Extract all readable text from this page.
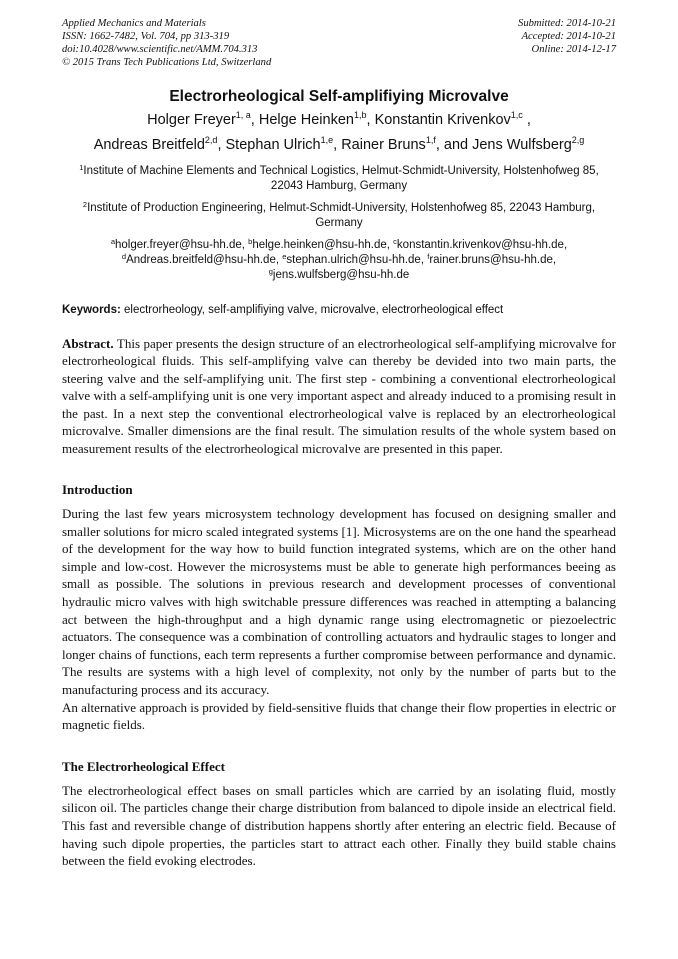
Applied Mechanics and Materials
ISSN: 1662-7482, Vol. 704, pp 313-319
doi:10.4028/www.scientific.net/AMM.704.313
© 2015 Trans Tech Publications Ltd, Switzerland
Submitted: 2014-10-21
Accepted: 2014-10-21
Online: 2014-12-17
Electrorheological Self-amplifiying Microvalve

Holger Freyer$^{1, a}$, Helge Heinken$^{1,b}$, Konstantin Krivenkov$^{1,c}$ ,

Andreas Breitfeld$^{2,d}$, Stephan Ulrich$^{1,e}$, Rainer Bruns$^{1,f}$, and Jens Wulfsberg$^{2,g}$

$^1$Institute of Machine Elements and Technical Logistics, Helmut-Schmidt-University, Holstenhofweg 85, 22043 Hamburg, Germany

$^2$Institute of Production Engineering, Helmut-Schmidt-University, Holstenhofweg 85, 22043 Hamburg, Germany

$^a$holger.freyer@hsu-hh.de, $^b$helge.heinken@hsu-hh.de, $^c$konstantin.krivenkov@hsu-hh.de,

$^d$Andreas.breitfeld@hsu-hh.de, $^e$stephan.ulrich@hsu-hh.de, $^f$rainer.bruns@hsu-hh.de,

$^g$jens.wulfsberg@hsu-hh.de

Keywords: electrorheology, self-amplifiying valve, microvalve, electrorheological effect

Abstract. This paper presents the design structure of an electrorheological self-amplifying microvalve for electrorheological fluids. This self-amplifying valve can thereby be devided into two main parts, the steering valve and the self-amplifying unit. The first step - combining a conventional electrorheological valve with a self-amplifying unit is one very important aspect and already induced to a promising result in the past. In a next step the conventional electrorheological valve is replaced by an electrorheological microvalve. Smaller dimensions are the final result. The simulation results of the whole system based on measurement results of the electrorheological microvalve are presented in this paper.

Introduction

During the last few years microsystem technology development has focused on designing smaller and smaller solutions for micro scaled integrated systems [1]. Microsystems are on the one hand the spearhead of the development for the way how to build function integrated systems, which are on the other hand simple and low-cost. However the microsystems must be able to generate high performances beeing as small as possible. The solutions in previous research and development processes of conventional hydraulic micro valves with high switchable pressure differences was reached in attempting a balancing act between the high-throughput and a high dynamic range using electromagnetic or piezoelectric actuators. The consequence was a combination of controlling actuators and hydraulic stages to longer and longer chains of functions, each term represents a further compromise between performance and dynamic. The results are systems with a high level of complexity, not only by the number of parts but to the manufacturing process and its accuracy.

An alternative approach is provided by field-sensitive fluids that change their flow properties in electric or magnetic fields.

The Electrorheological Effect

The electrorheological effect bases on small particles which are carried by an isolating fluid, mostly silicon oil. The particles change their charge distribution from balanced to dipole inside an electrical field. This fast and reversible change of distribution happens shortly after entering an electric field. Because of having such dipole properties, the particles start to attract each other. Finally they build stable chains between the field evoking electrodes.
